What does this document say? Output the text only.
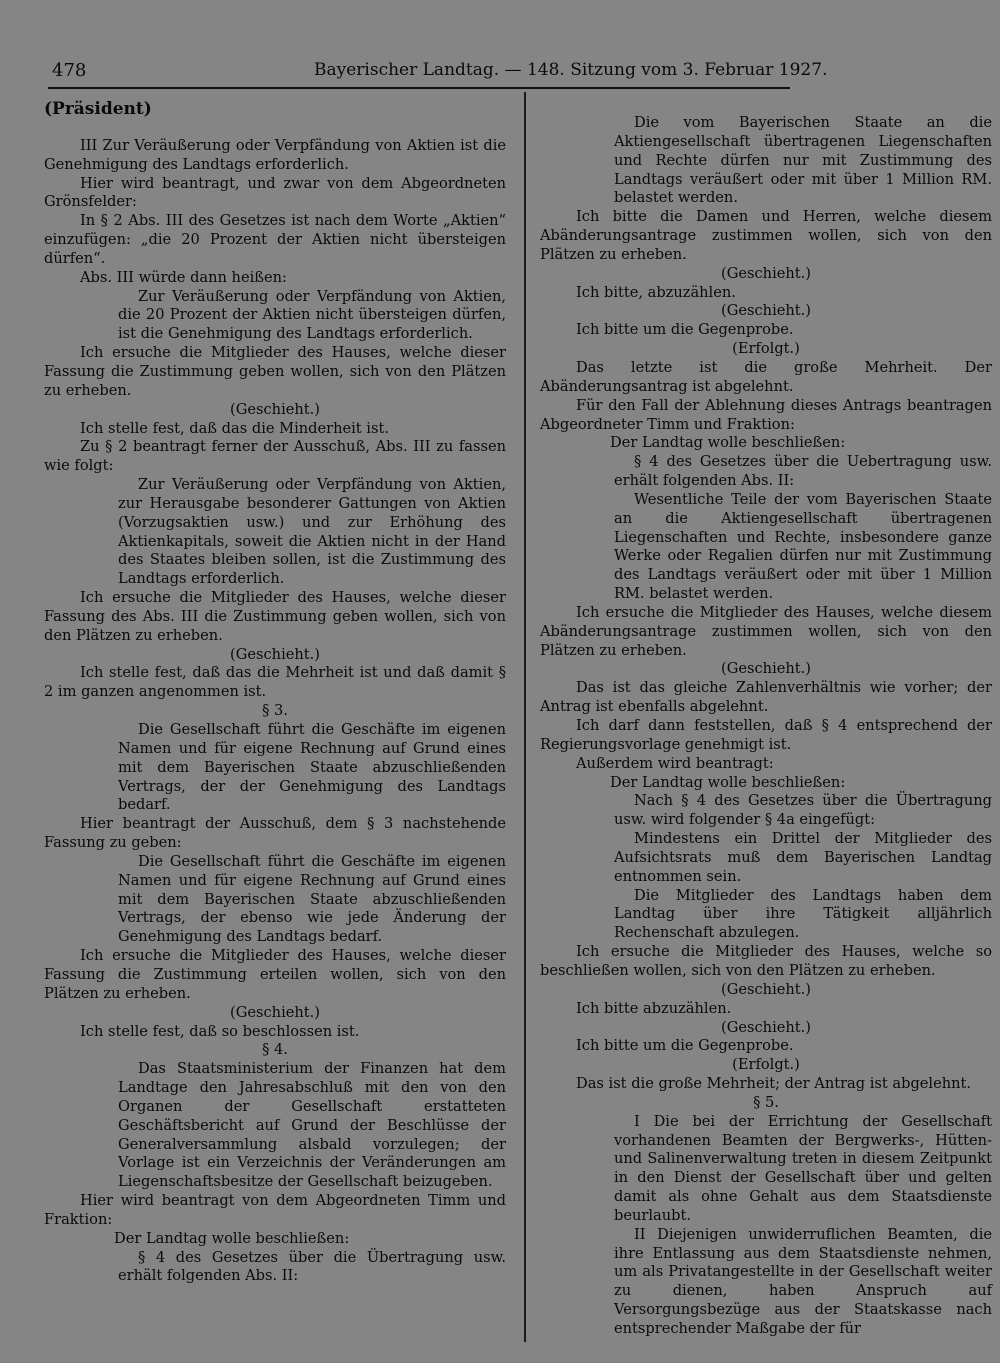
478	Bayerischer Landtag. — 148. Sitzung vom 3. Februar 1927.

(Präsident)

III Zur Veräußerung oder Verpfändung von Aktien ist die Genehmigung des Landtags erforderlich.

Hier wird beantragt, und zwar von dem Abgeordneten Grönsfelder:

In § 2 Abs. III des Gesetzes ist nach dem Worte „Aktien“ einzufügen: „die 20 Prozent der Aktien nicht übersteigen dürfen“.

Abs. III würde dann heißen:

Zur Veräußerung oder Verpfändung von Aktien, die 20 Prozent der Aktien nicht übersteigen dürfen, ist die Genehmigung des Landtags erforderlich.

Ich ersuche die Mitglieder des Hauses, welche dieser Fassung die Zustimmung geben wollen, sich von den Plätzen zu erheben.

(Geschieht.)

Ich stelle fest, daß das die Minderheit ist.

Zu § 2 beantragt ferner der Ausschuß, Abs. III zu fassen wie folgt:

Zur Veräußerung oder Verpfändung von Aktien, zur Herausgabe besonderer Gattungen von Aktien (Vorzugsaktien usw.) und zur Erhöhung des Aktienkapitals, soweit die Aktien nicht in der Hand des Staates bleiben sollen, ist die Zustimmung des Landtags erforderlich.

Ich ersuche die Mitglieder des Hauses, welche dieser Fassung des Abs. III die Zustimmung geben wollen, sich von den Plätzen zu erheben.

(Geschieht.)

Ich stelle fest, daß das die Mehrheit ist und daß damit § 2 im ganzen angenommen ist.

§ 3.

Die Gesellschaft führt die Geschäfte im eigenen Namen und für eigene Rechnung auf Grund eines mit dem Bayerischen Staate abzuschließenden Vertrags, der der Genehmigung des Landtags bedarf.

Hier beantragt der Ausschuß, dem § 3 nachstehende Fassung zu geben:

Die Gesellschaft führt die Geschäfte im eigenen Namen und für eigene Rechnung auf Grund eines mit dem Bayerischen Staate abzuschließenden Vertrags, der ebenso wie jede Änderung der Genehmigung des Landtags bedarf.

Ich ersuche die Mitglieder des Hauses, welche dieser Fassung die Zustimmung erteilen wollen, sich von den Plätzen zu erheben.

(Geschieht.)

Ich stelle fest, daß so beschlossen ist.

§ 4.

Das Staatsministerium der Finanzen hat dem Landtage den Jahresabschluß mit den von den Organen der Gesellschaft erstatteten Geschäftsbericht auf Grund der Beschlüsse der Generalversammlung alsbald vorzulegen; der Vorlage ist ein Verzeichnis der Veränderungen am Liegenschaftsbesitze der Gesellschaft beizugeben.

Hier wird beantragt von dem Abgeordneten Timm und Fraktion:

Der Landtag wolle beschließen:

§ 4 des Gesetzes über die Übertragung usw. erhält folgenden Abs. II:

Die vom Bayerischen Staate an die Aktiengesellschaft übertragenen Liegenschaften und Rechte dürfen nur mit Zustimmung des Landtags veräußert oder mit über 1 Million RM. belastet werden.

Ich bitte die Damen und Herren, welche diesem Abänderungsantrage zustimmen wollen, sich von den Plätzen zu erheben.

(Geschieht.)

Ich bitte, abzuzählen.

(Geschieht.)

Ich bitte um die Gegenprobe.

(Erfolgt.)

Das letzte ist die große Mehrheit. Der Abänderungsantrag ist abgelehnt.

Für den Fall der Ablehnung dieses Antrags beantragen Abgeordneter Timm und Fraktion:

Der Landtag wolle beschließen:

§ 4 des Gesetzes über die Uebertragung usw. erhält folgenden Abs. II:

Wesentliche Teile der vom Bayerischen Staate an die Aktiengesellschaft übertragenen Liegenschaften und Rechte, insbesondere ganze Werke oder Regalien dürfen nur mit Zustimmung des Landtags veräußert oder mit über 1 Million RM. belastet werden.

Ich ersuche die Mitglieder des Hauses, welche diesem Abänderungsantrage zustimmen wollen, sich von den Plätzen zu erheben.

(Geschieht.)

Das ist das gleiche Zahlenverhältnis wie vorher; der Antrag ist ebenfalls abgelehnt.

Ich darf dann feststellen, daß § 4 entsprechend der Regierungsvorlage genehmigt ist.

Außerdem wird beantragt:

Der Landtag wolle beschließen:

Nach § 4 des Gesetzes über die Übertragung usw. wird folgender § 4a eingefügt:

Mindestens ein Drittel der Mitglieder des Aufsichtsrats muß dem Bayerischen Landtag entnommen sein.

Die Mitglieder des Landtags haben dem Landtag über ihre Tätigkeit alljährlich Rechenschaft abzulegen.

Ich ersuche die Mitglieder des Hauses, welche so beschließen wollen, sich von den Plätzen zu erheben.

(Geschieht.)

Ich bitte abzuzählen.

(Geschieht.)

Ich bitte um die Gegenprobe.

(Erfolgt.)

Das ist die große Mehrheit; der Antrag ist abgelehnt.

§ 5.

I Die bei der Errichtung der Gesellschaft vorhandenen Beamten der Bergwerks-, Hütten- und Salinenverwaltung treten in diesem Zeitpunkt in den Dienst der Gesellschaft über und gelten damit als ohne Gehalt aus dem Staatsdienste beurlaubt.

II Diejenigen unwiderruflichen Beamten, die ihre Entlassung aus dem Staatsdienste nehmen, um als Privatangestellte in der Gesellschaft weiter zu dienen, haben Anspruch auf Versorgungsbezüge aus der Staatskasse nach entsprechender Maßgabe der für
